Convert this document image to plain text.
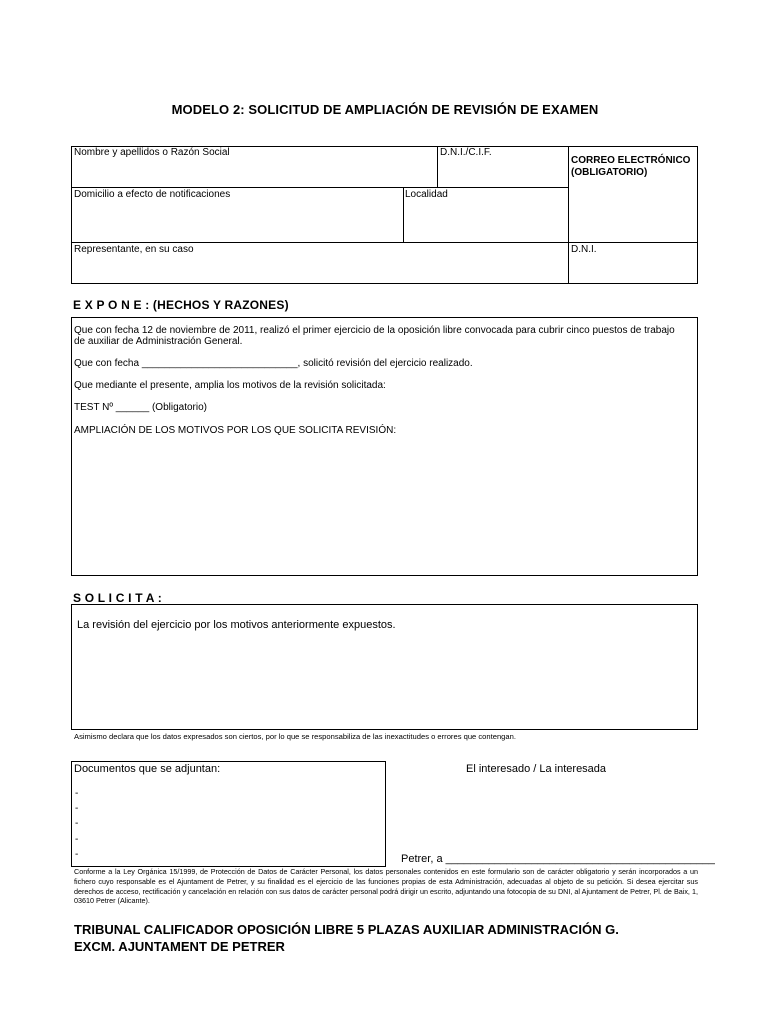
MODELO 2: SOLICITUD DE AMPLIACIÓN DE REVISIÓN DE EXAMEN
Nombre y apellidos o Razón Social	D.N.I./C.I.F.
CORREO ELECTRÓNICO
(OBLIGATORIO)
Domicilio a efecto de notificaciones	Localidad
Representante, en su caso	D.N.I.
E X P O N E : (HECHOS Y RAZONES)
Que con fecha 12 de noviembre de 2011, realizó el primer ejercicio de la oposición libre convocada para cubrir cinco puestos de trabajo
de auxiliar de Administración General.
Que con fecha ____________________________, solicitó revisión del ejercicio realizado.
Que mediante el presente, amplia los motivos de la revisión solicitada:
TEST Nº ______ (Obligatorio)
AMPLIACIÓN DE LOS MOTIVOS POR LOS QUE SOLICITA REVISIÓN:
S O L I C I T A :
La revisión del ejercicio por los motivos anteriormente expuestos.
Asimismo declara que los datos expresados son ciertos, por lo que se responsabiliza de las inexactitudes o errores que contengan.
Documentos que se adjuntan:
-
-
-
-
-
El interesado / La interesada
Petrer, a ____________________________________________
Conforme a la Ley Orgánica 15/1999, de Protección de Datos de Carácter Personal, los datos personales contenidos en este formulario son de carácter obligatorio y serán incorporados a un fichero cuyo responsable es el Ajuntament de Petrer, y su finalidad es el ejercicio de las funciones propias de esta Administración, adecuadas al objeto de su petición. Si desea ejercitar sus derechos de acceso, rectificación y cancelación en relación con sus datos de carácter personal podrá dirigir un escrito, adjuntando una fotocopia de su DNI, al Ajuntament de Petrer, Pl. de Baix, 1, 03610 Petrer (Alicante).
TRIBUNAL CALIFICADOR OPOSICIÓN LIBRE 5 PLAZAS AUXILIAR ADMINISTRACIÓN G.
EXCM. AJUNTAMENT DE PETRER
